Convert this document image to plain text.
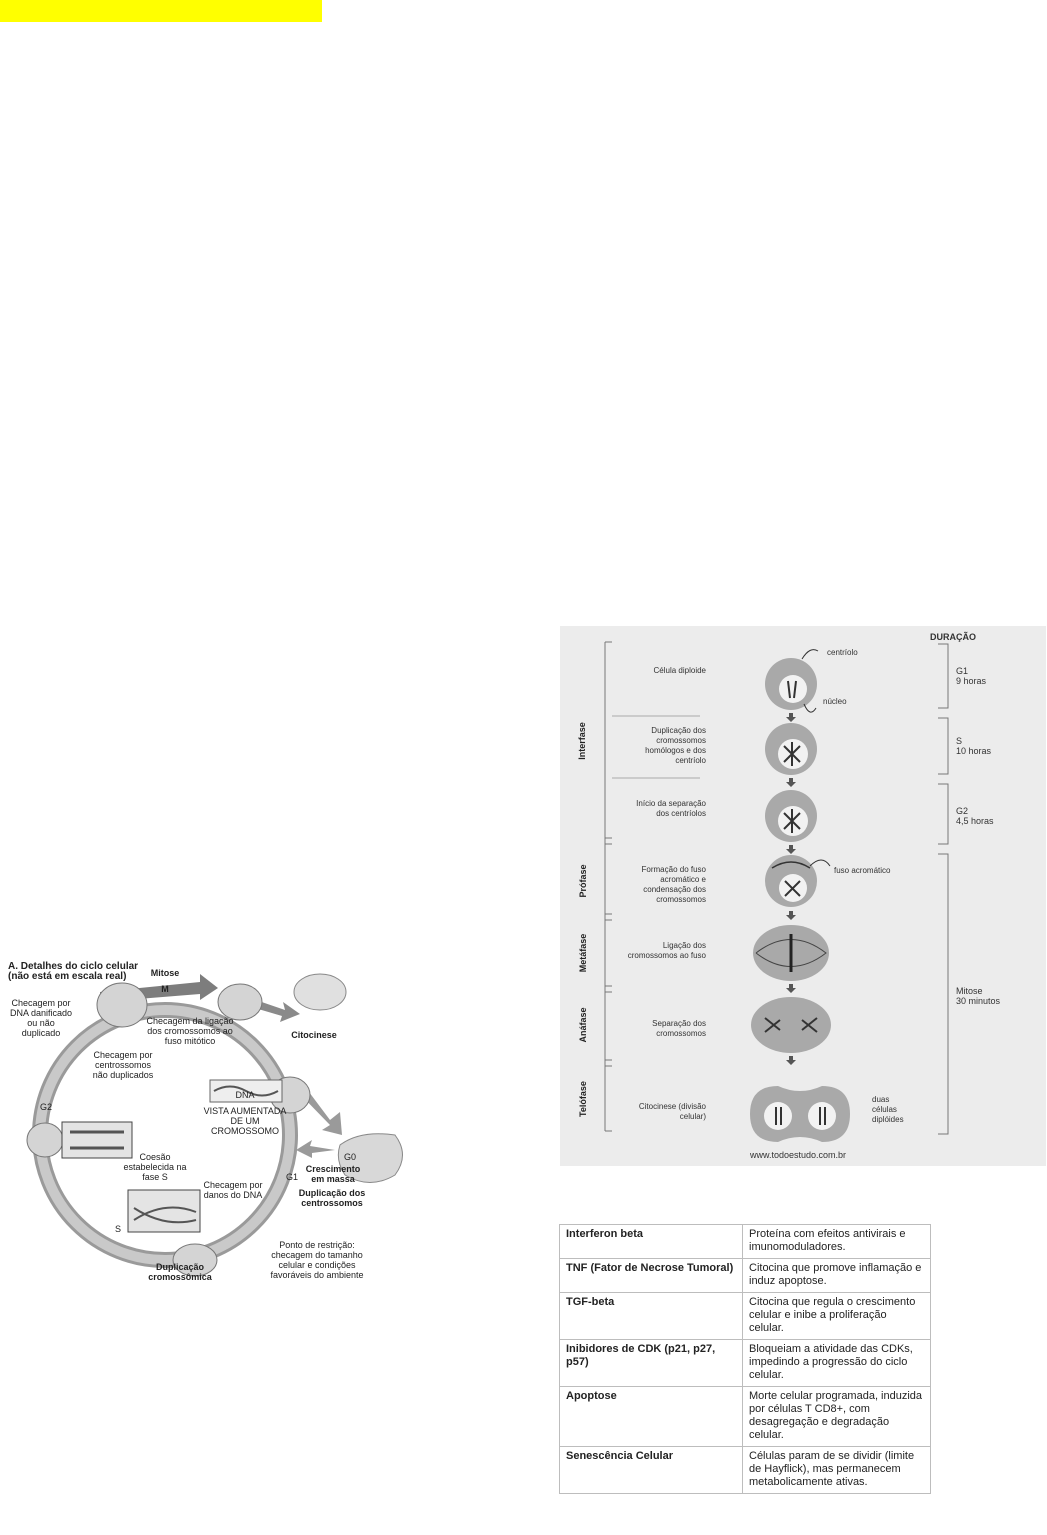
A. Detalhes do ciclo celular
(não está em escala real)	Mitose
M
Checagem por DNA danificado ou não duplicado
Checagem da ligação dos cromossomos ao fuso mitótico
Citocinese
Checagem por centrossomos não duplicados
G2
DNA
VISTA AUMENTADA DE UM CROMOSSOMO
G0
Coesão estabelecida na fase S
Checagem por danos do DNA
G1
Crescimento em massa
Duplicação dos centrossomos
S
Ponto de restrição: checagem do tamanho celular e condições favoráveis do ambiente
Duplicação cromossômica
DURAÇÃO
centríolo
núcleo
fuso acromático
duas células diplóides
www.todoestudo.com.br
Interfase
Prófase
Metáfase
Anáfase
Telófase
Célula diploide
Duplicação dos cromossomos homólogos e dos centríolo
Início da separação dos centríolos
Formação do fuso acromático e condensação dos cromossomos
Ligação dos cromossomos ao fuso
Separação dos cromossomos
Citocinese (divisão celular)
G1
9 horas
S
10 horas
G2
4,5 horas
Mitose
30 minutos
Interferon beta	Proteína com efeitos antivirais e imunomoduladores.
TNF (Fator de Necrose Tumoral)	Citocina que promove inflamação e induz apoptose.
TGF-beta	Citocina que regula o crescimento celular e inibe a proliferação celular.
Inibidores de CDK (p21, p27, p57)	Bloqueiam a atividade das CDKs, impedindo a progressão do ciclo celular.
Apoptose	Morte celular programada, induzida por células T CD8+, com desagregação e degradação celular.
Senescência Celular	Células param de se dividir (limite de Hayflick), mas permanecem metabolicamente ativas.
